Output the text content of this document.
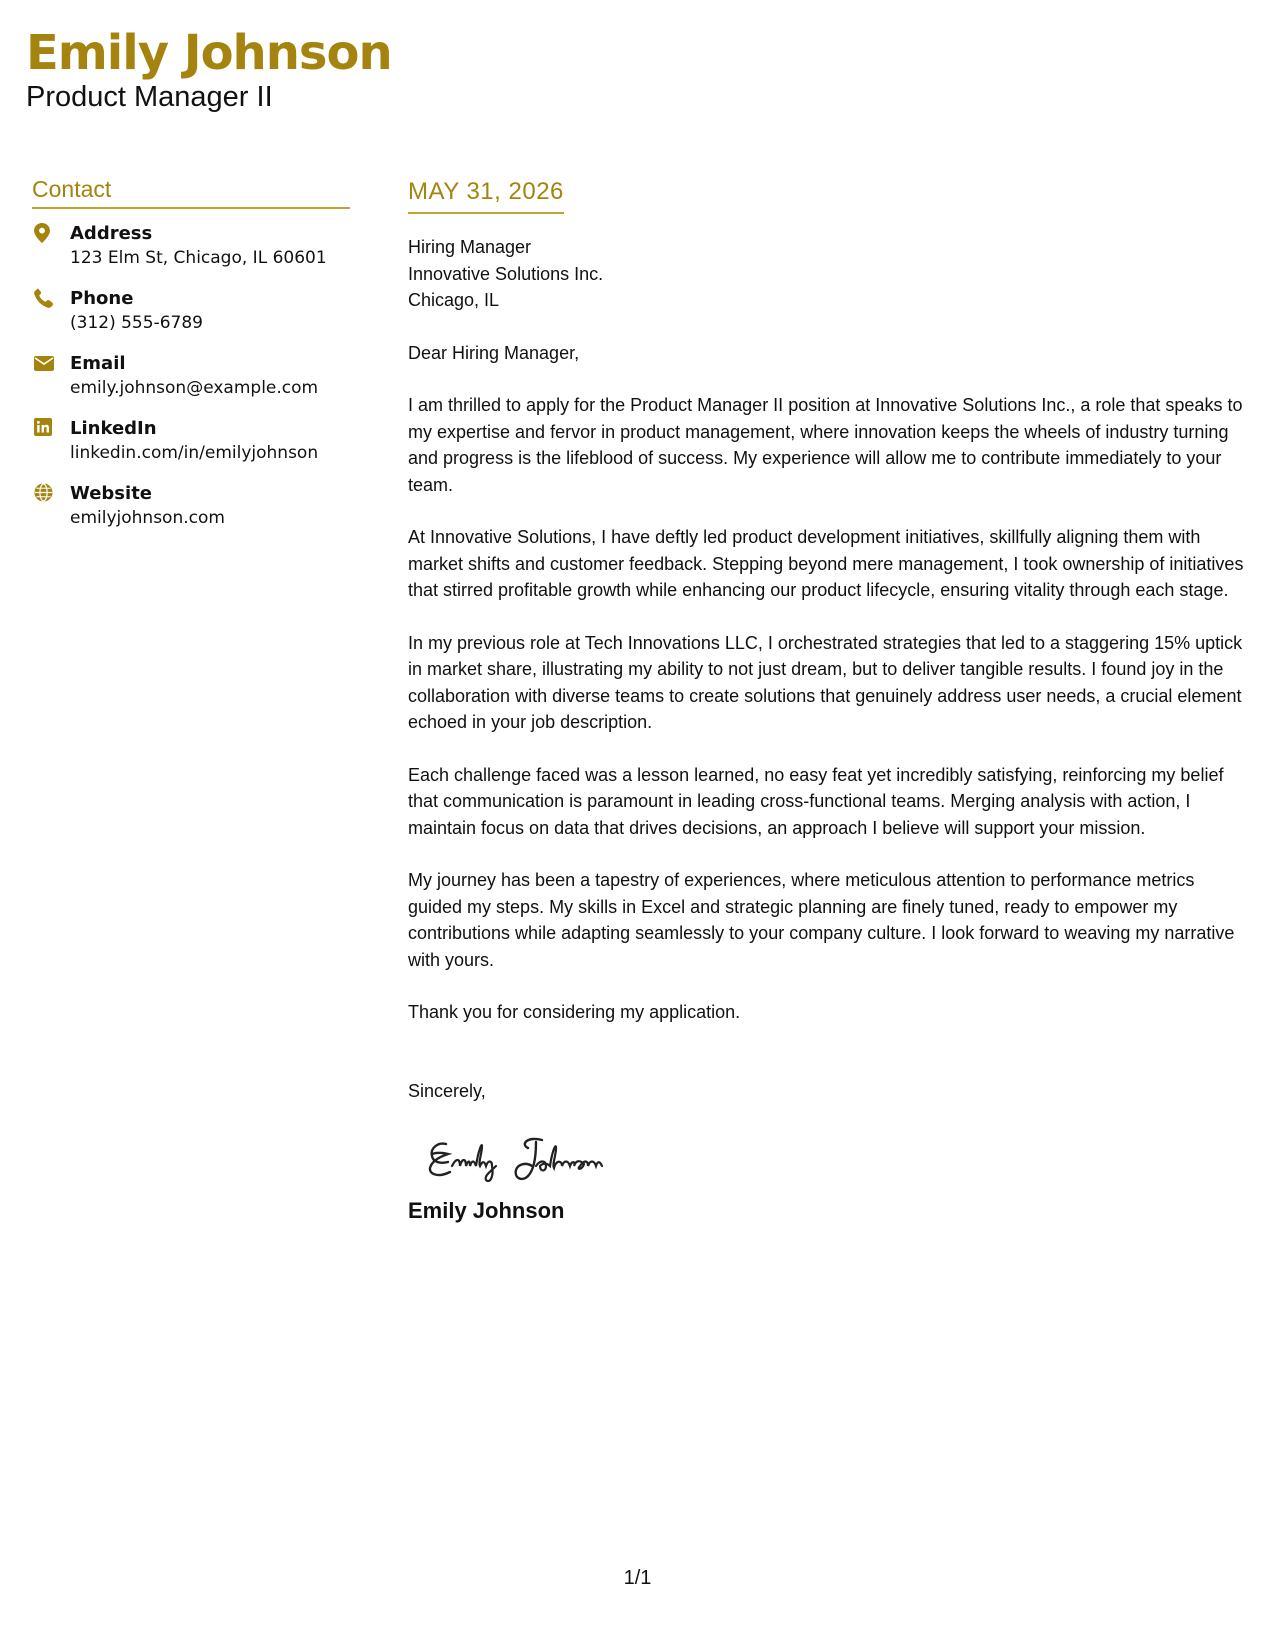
Emily Johnson
Product Manager II
Contact
Address
123 Elm St, Chicago, IL 60601
Phone
(312) 555-6789
Email
emily.johnson@example.com
LinkedIn
linkedin.com/in/emilyjohnson
Website
emilyjohnson.com
MAY 31, 2026
Hiring Manager
Innovative Solutions Inc.
Chicago, IL
Dear Hiring Manager,
I am thrilled to apply for the Product Manager II position at Innovative Solutions Inc., a role that speaks to my expertise and fervor in product management, where innovation keeps the wheels of industry turning and progress is the lifeblood of success. My experience will allow me to contribute immediately to your team.
At Innovative Solutions, I have deftly led product development initiatives, skillfully aligning them with market shifts and customer feedback. Stepping beyond mere management, I took ownership of initiatives that stirred profitable growth while enhancing our product lifecycle, ensuring vitality through each stage.
In my previous role at Tech Innovations LLC, I orchestrated strategies that led to a staggering 15% uptick in market share, illustrating my ability to not just dream, but to deliver tangible results. I found joy in the collaboration with diverse teams to create solutions that genuinely address user needs, a crucial element echoed in your job description.
Each challenge faced was a lesson learned, no easy feat yet incredibly satisfying, reinforcing my belief that communication is paramount in leading cross-functional teams. Merging analysis with action, I maintain focus on data that drives decisions, an approach I believe will support your mission.
My journey has been a tapestry of experiences, where meticulous attention to performance metrics guided my steps. My skills in Excel and strategic planning are finely tuned, ready to empower my contributions while adapting seamlessly to your company culture. I look forward to weaving my narrative with yours.
Thank you for considering my application.
Sincerely,
Emily Johnson
1/1
